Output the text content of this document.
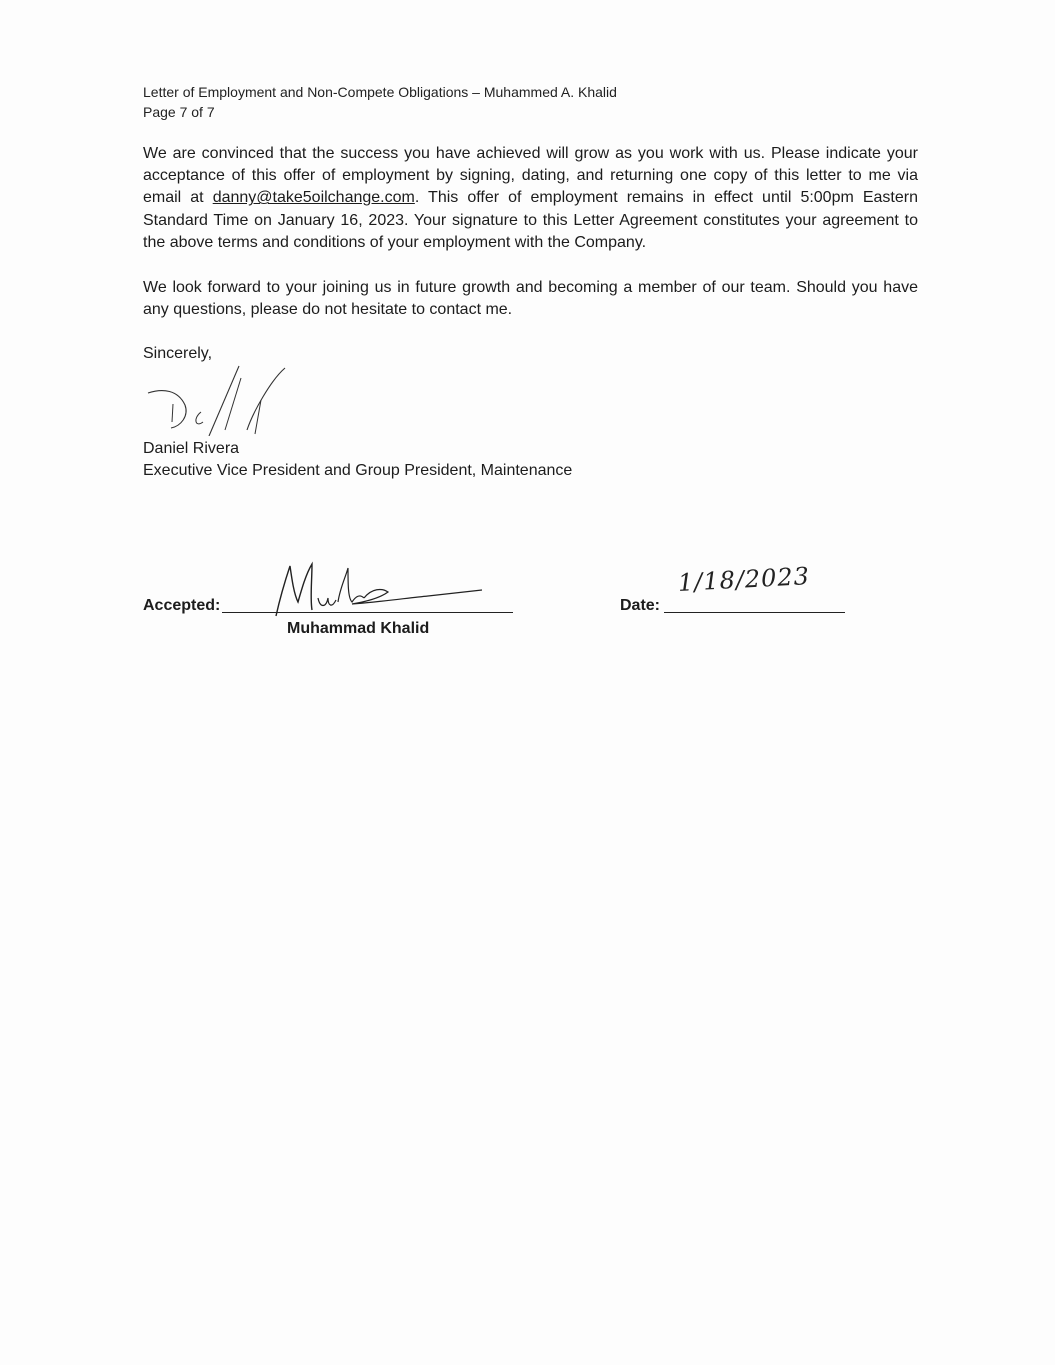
Letter of Employment and Non-Compete Obligations – Muhammed A. Khalid
Page 7 of 7
We are convinced that the success you have achieved will grow as you work with us. Please indicate your acceptance of this offer of employment by signing, dating, and returning one copy of this letter to me via email at danny@take5oilchange.com. This offer of employment remains in effect until 5:00pm Eastern Standard Time on January 16, 2023. Your signature to this Letter Agreement constitutes your agreement to the above terms and conditions of your employment with the Company.
We look forward to your joining us in future growth and becoming a member of our team. Should you have any questions, please do not hesitate to contact me.
Sincerely,
Daniel Rivera
Executive Vice President and Group President, Maintenance
Accepted:
Muhammad Khalid
Date:
1/18/2023
